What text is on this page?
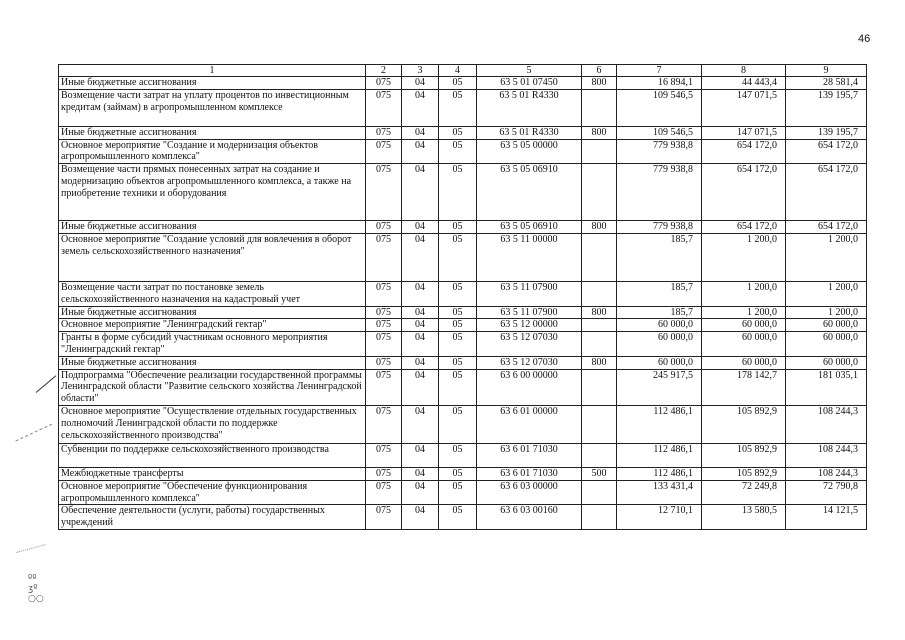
46
1	2	3	4	5	6	7	8	9
Иные бюджетные ассигнования	075	04	05	63 5 01 07450	800	16 894,1	44 443,4	28 581,4
Возмещение части затрат на уплату процентов по инвестиционным кредитам (займам) в агропромышленном комплексе	075	04	05	63 5 01 R4330		109 546,5	147 071,5	139 195,7
Иные бюджетные ассигнования	075	04	05	63 5 01 R4330	800	109 546,5	147 071,5	139 195,7
Основное мероприятие "Создание и модернизация объектов агропромышленного комплекса"	075	04	05	63 5 05 00000		779 938,8	654 172,0	654 172,0
Возмещение части прямых понесенных затрат на создание и модернизацию объектов агропромышленного комплекса, а также на приобретение техники и оборудования	075	04	05	63 5 05 06910		779 938,8	654 172,0	654 172,0
Иные бюджетные ассигнования	075	04	05	63 5 05 06910	800	779 938,8	654 172,0	654 172,0
Основное мероприятие "Создание условий для вовлечения в оборот земель сельскохозяйственного назначения"	075	04	05	63 5 11 00000		185,7	1 200,0	1 200,0
Возмещение части затрат по постановке земель сельскохозяйственного назначения на кадастровый учет	075	04	05	63 5 11 07900		185,7	1 200,0	1 200,0
Иные бюджетные ассигнования	075	04	05	63 5 11 07900	800	185,7	1 200,0	1 200,0
Основное мероприятие "Ленинградский гектар"	075	04	05	63 5 12 00000		60 000,0	60 000,0	60 000,0
Гранты в форме субсидий участникам основного мероприятия "Ленинградский гектар"	075	04	05	63 5 12 07030		60 000,0	60 000,0	60 000,0
Иные бюджетные ассигнования	075	04	05	63 5 12 07030	800	60 000,0	60 000,0	60 000,0
Подпрограмма "Обеспечение реализации государственной программы Ленинградской области "Развитие сельского хозяйства Ленинградской области"	075	04	05	63 6 00 00000		245 917,5	178 142,7	181 035,1
Основное мероприятие "Осуществление отдельных государственных полномочий Ленинградской области по поддержке сельскохозяйственного производства"	075	04	05	63 6 01 00000		112 486,1	105 892,9	108 244,3
Субвенции по поддержке сельскохозяйственного производства	075	04	05	63 6 01 71030		112 486,1	105 892,9	108 244,3
Межбюджетные трансферты	075	04	05	63 6 01 71030	500	112 486,1	105 892,9	108 244,3
Основное мероприятие "Обеспечение функционирования агропромышленного комплекса"	075	04	05	63 6 03 00000		133 431,4	72 249,8	72 790,8
Обеспечение деятельности (услуги, работы) государственных учреждений	075	04	05	63 6 03 00160		12 710,1	13 580,5	14 121,5
ºº
ʒº
○○
